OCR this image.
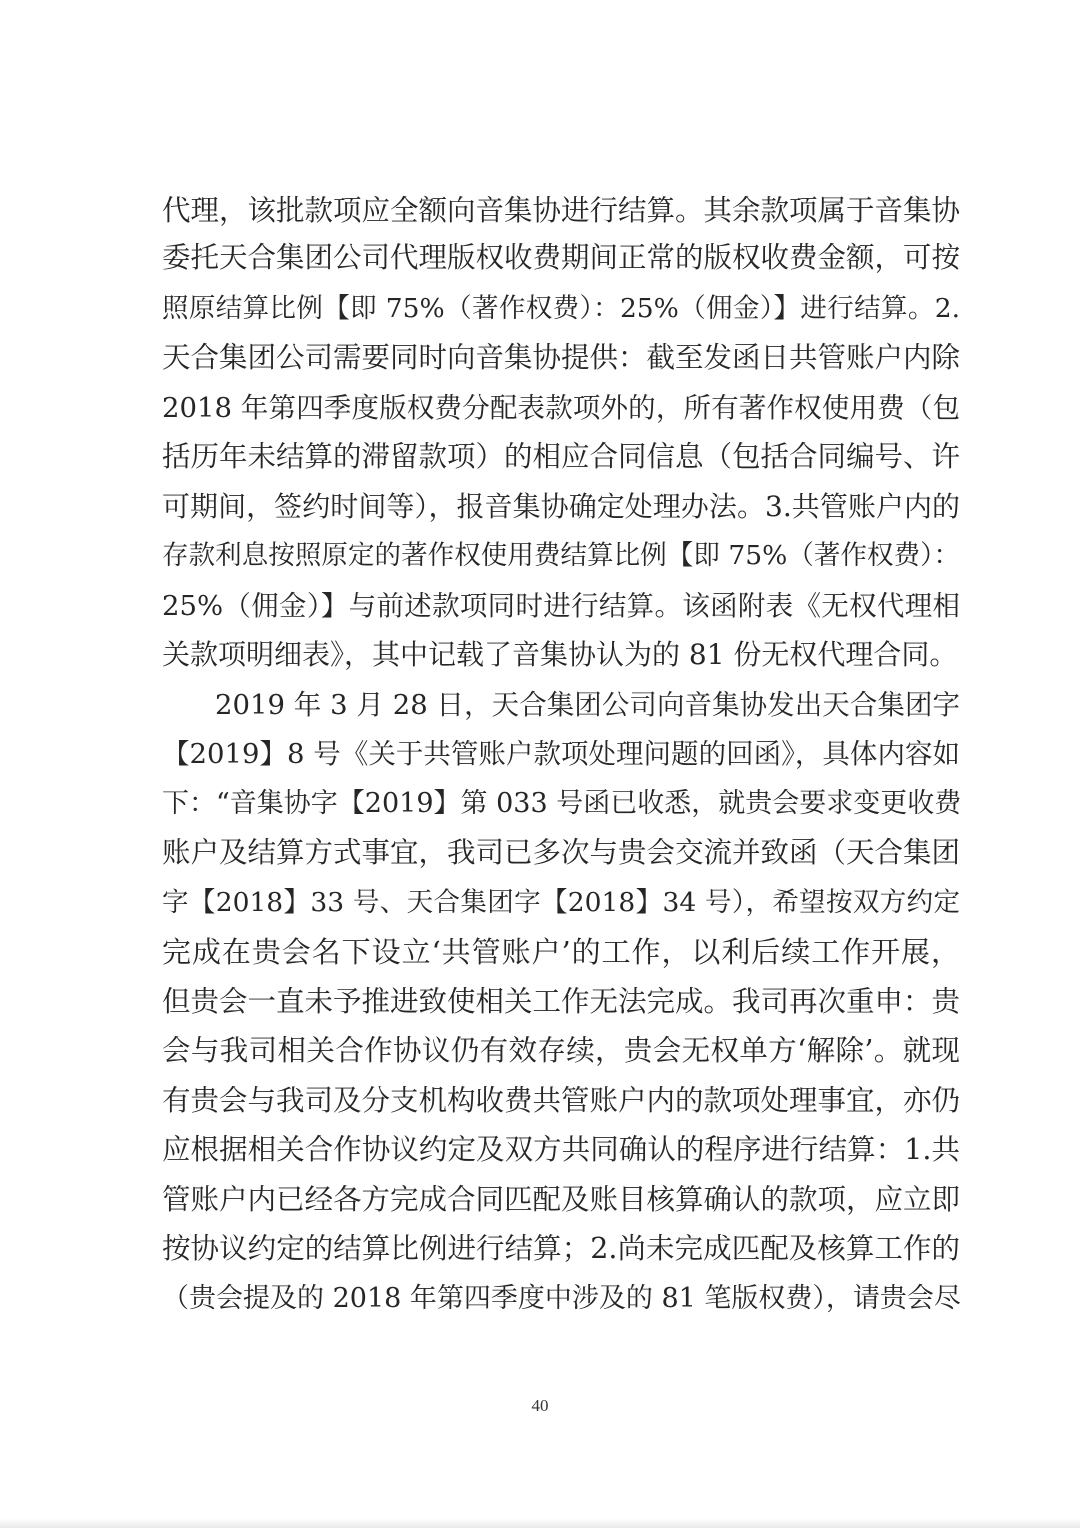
代理，该批款项应全额向音集协进行结算。其余款项属于音集协
委托天合集团公司代理版权收费期间正常的版权收费金额，可按
照原结算比例【即 75%（著作权费）：25%（佣金）】进行结算。2.
天合集团公司需要同时向音集协提供：截至发函日共管账户内除
2018 年第四季度版权费分配表款项外的，所有著作权使用费（包
括历年未结算的滞留款项）的相应合同信息（包括合同编号、许
可期间，签约时间等），报音集协确定处理办法。3.共管账户内的
存款利息按照原定的著作权使用费结算比例【即 75%（著作权费）：
25%（佣金）】与前述款项同时进行结算。该函附表《无权代理相
关款项明细表》，其中记载了音集协认为的 81 份无权代理合同。
2019 年 3 月 28 日，天合集团公司向音集协发出天合集团字
【2019】8 号《关于共管账户款项处理问题的回函》，具体内容如
下：“音集协字【2019】第 033 号函已收悉，就贵会要求变更收费
账户及结算方式事宜，我司已多次与贵会交流并致函（天合集团
字【2018】33 号、天合集团字【2018】34 号），希望按双方约定
完成在贵会名下设立‘共管账户’的工作，以利后续工作开展，
但贵会一直未予推进致使相关工作无法完成。我司再次重申：贵
会与我司相关合作协议仍有效存续，贵会无权单方‘解除’。就现
有贵会与我司及分支机构收费共管账户内的款项处理事宜，亦仍
应根据相关合作协议约定及双方共同确认的程序进行结算：1.共
管账户内已经各方完成合同匹配及账目核算确认的款项，应立即
按协议约定的结算比例进行结算；2.尚未完成匹配及核算工作的
（贵会提及的 2018 年第四季度中涉及的 81 笔版权费），请贵会尽
40
